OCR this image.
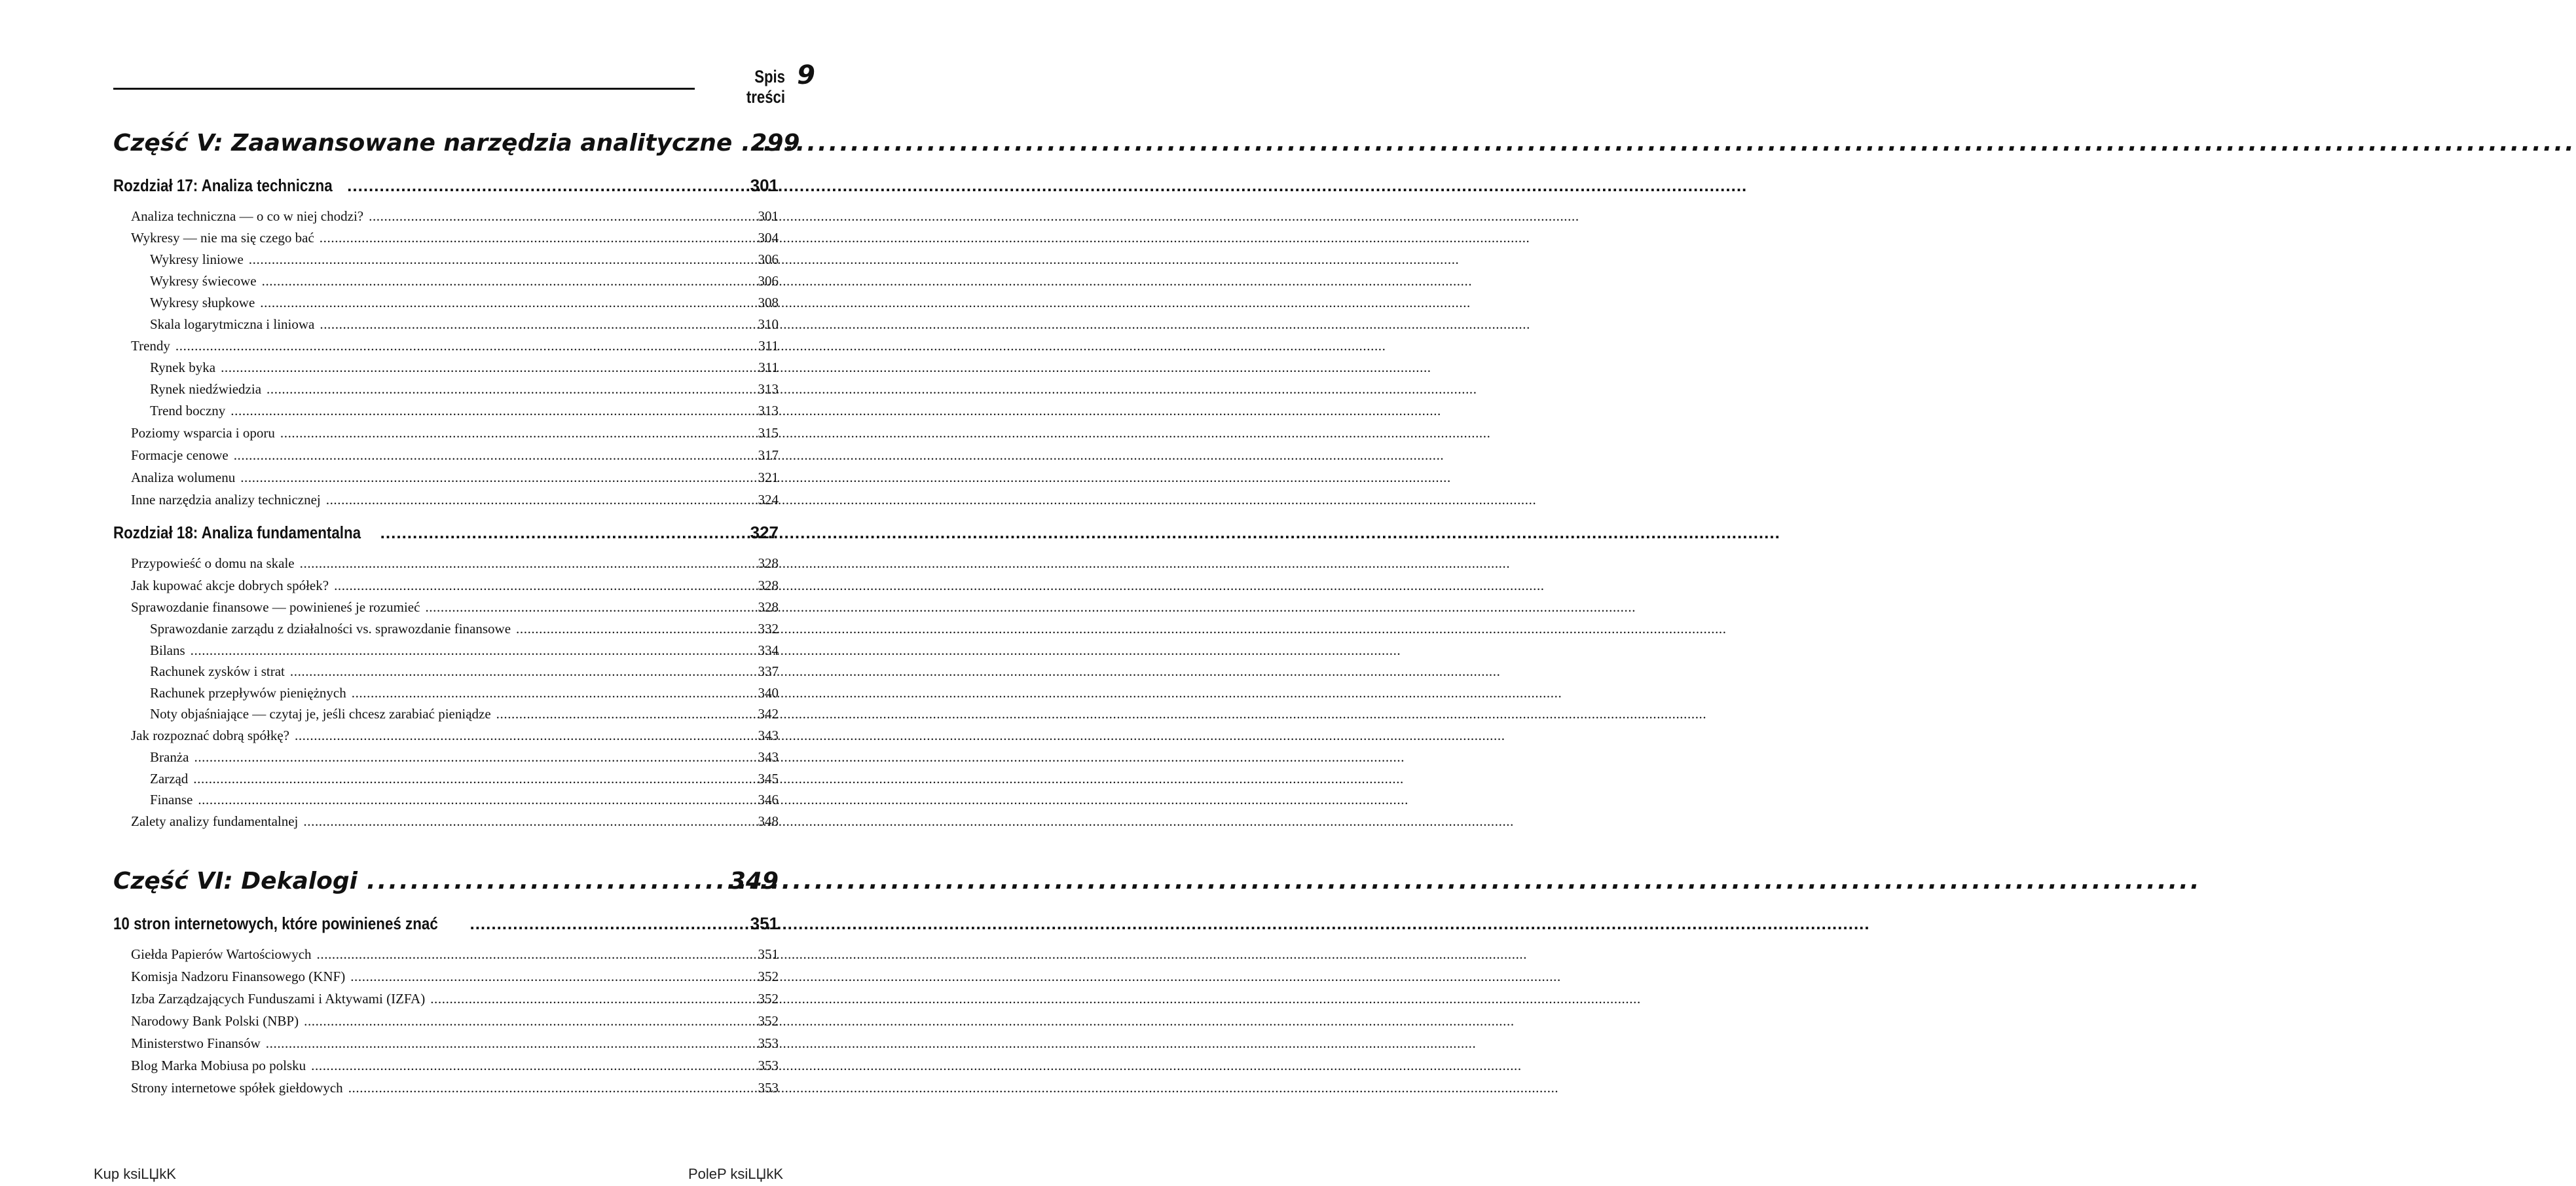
Spis treści
9
Część V: Zaawansowane narzędzia analityczne ..... 299
Rozdział 17: Analiza techniczna .....	301
Analiza techniczna — o co w niej chodzi? .....	301
Wykresy — nie ma się czego bać .....	304
Wykresy liniowe .....	306
Wykresy świecowe .....	306
Wykresy słupkowe .....	308
Skala logarytmiczna i liniowa .....	310
Trendy .....	311
Rynek byka .....	311
Rynek niedźwiedzia .....	313
Trend boczny .....	313
Poziomy wsparcia i oporu .....	315
Formacje cenowe .....	317
Analiza wolumenu .....	321
Inne narzędzia analizy technicznej .....	324
Rozdział 18: Analiza fundamentalna .....	327
Przypowieść o domu na skale .....	328
Jak kupować akcje dobrych spółek? .....	328
Sprawozdanie finansowe — powinieneś je rozumieć .....	328
Sprawozdanie zarządu z działalności vs. sprawozdanie finansowe .....	332
Bilans .....	334
Rachunek zysków i strat .....	337
Rachunek przepływów pieniężnych .....	340
Noty objaśniające — czytaj je, jeśli chcesz zarabiać pieniądze .....	342
Jak rozpoznać dobrą spółkę? .....	343
Branża .....	343
Zarząd .....	345
Finanse .....	346
Zalety analizy fundamentalnej .....	348
Część VI: Dekalogi .....	349
10 stron internetowych, które powinieneś znać .....	351
Giełda Papierów Wartościowych .....	351
Komisja Nadzoru Finansowego (KNF) .....	352
Izba Zarządzających Funduszami i Aktywami (IZFA) .....	352
Narodowy Bank Polski (NBP) .....	352
Ministerstwo Finansów .....	353
Blog Marka Mobiusa po polsku .....	353
Strony internetowe spółek giełdowych .....	353
Kup ksiLЏkK	PoleP ksiLЏkK
